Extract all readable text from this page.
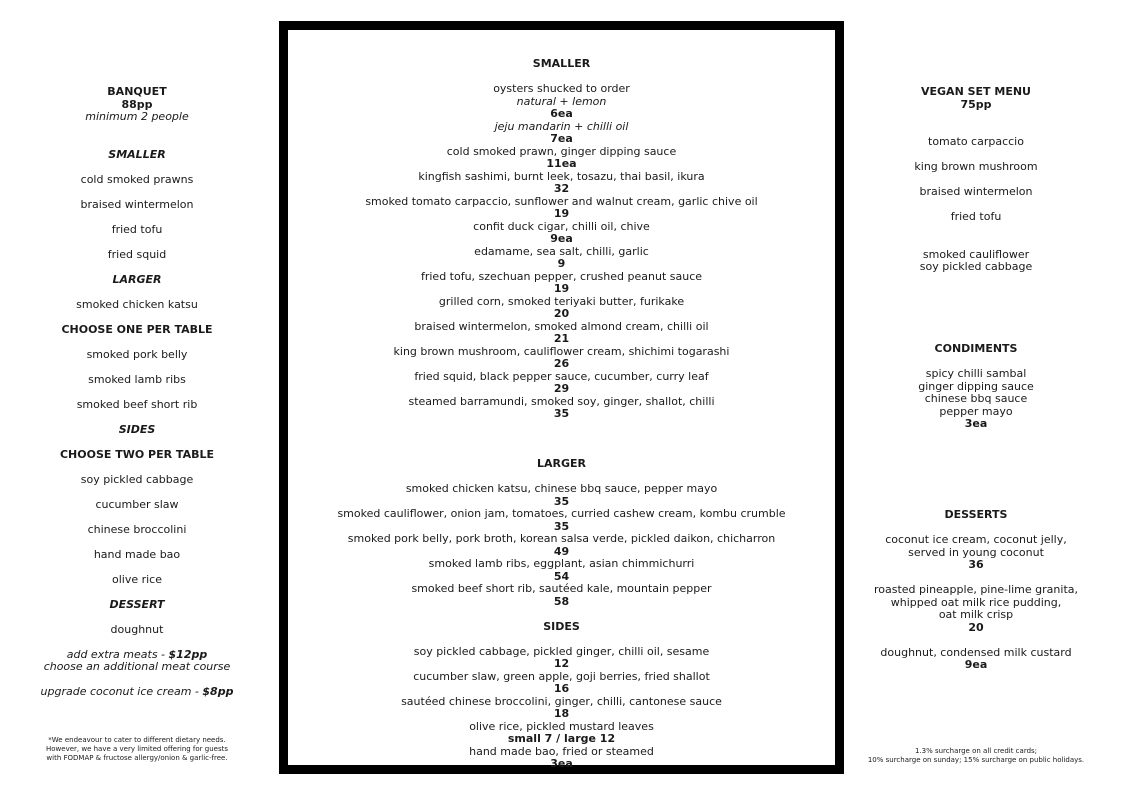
BANQUET
88pp
minimum 2 people
SMALLER
cold smoked prawns
braised wintermelon
fried tofu
fried squid
LARGER
smoked chicken katsu
CHOOSE ONE PER TABLE
smoked pork belly
smoked lamb ribs
smoked beef short rib
SIDES
CHOOSE TWO PER TABLE
soy pickled cabbage
cucumber slaw
chinese broccolini
hand made bao
olive rice
DESSERT
doughnut
add extra meats - $12pp
choose an additional meat course
upgrade coconut ice cream - $8pp
*We endeavour to cater to different dietary needs.
However, we have a very limited offering for guests
with FODMAP & fructose allergy/onion & garlic-free.
SMALLER
oysters shucked to order
natural + lemon
6ea
jeju mandarin + chilli oil
7ea
cold smoked prawn, ginger dipping sauce
11ea
kingfish sashimi, burnt leek, tosazu, thai basil, ikura
32
smoked tomato carpaccio, sunflower and walnut cream, garlic chive oil
19
confit duck cigar, chilli oil, chive
9ea
edamame, sea salt, chilli, garlic
9
fried tofu, szechuan pepper, crushed peanut sauce
19
grilled corn, smoked teriyaki butter, furikake
20
braised wintermelon, smoked almond cream, chilli oil
21
king brown mushroom, cauliflower cream, shichimi togarashi
26
fried squid, black pepper sauce, cucumber, curry leaf
29
steamed barramundi, smoked soy, ginger, shallot, chilli
35
LARGER
smoked chicken katsu, chinese bbq sauce, pepper mayo
35
smoked cauliflower, onion jam, tomatoes, curried cashew cream, kombu crumble
35
smoked pork belly, pork broth, korean salsa verde, pickled daikon, chicharron
49
smoked lamb ribs, eggplant, asian chimmichurri
54
smoked beef short rib, sautéed kale, mountain pepper
58
SIDES
soy pickled cabbage, pickled ginger, chilli oil, sesame
12
cucumber slaw, green apple, goji berries, fried shallot
16
sautéed chinese broccolini, ginger, chilli, cantonese sauce
18
olive rice, pickled mustard leaves
small 7 / large 12
hand made bao, fried or steamed
3ea
VEGAN SET MENU
75pp
tomato carpaccio
king brown mushroom
braised wintermelon
fried tofu
smoked cauliflower
soy pickled cabbage
CONDIMENTS
spicy chilli sambal
ginger dipping sauce
chinese bbq sauce
pepper mayo
3ea
DESSERTS
coconut ice cream, coconut jelly,
served in young coconut
36
roasted pineapple, pine-lime granita,
whipped oat milk rice pudding,
oat milk crisp
20
doughnut, condensed milk custard
9ea
1.3% surcharge on all credit cards;
10% surcharge on sunday; 15% surcharge on public holidays.
